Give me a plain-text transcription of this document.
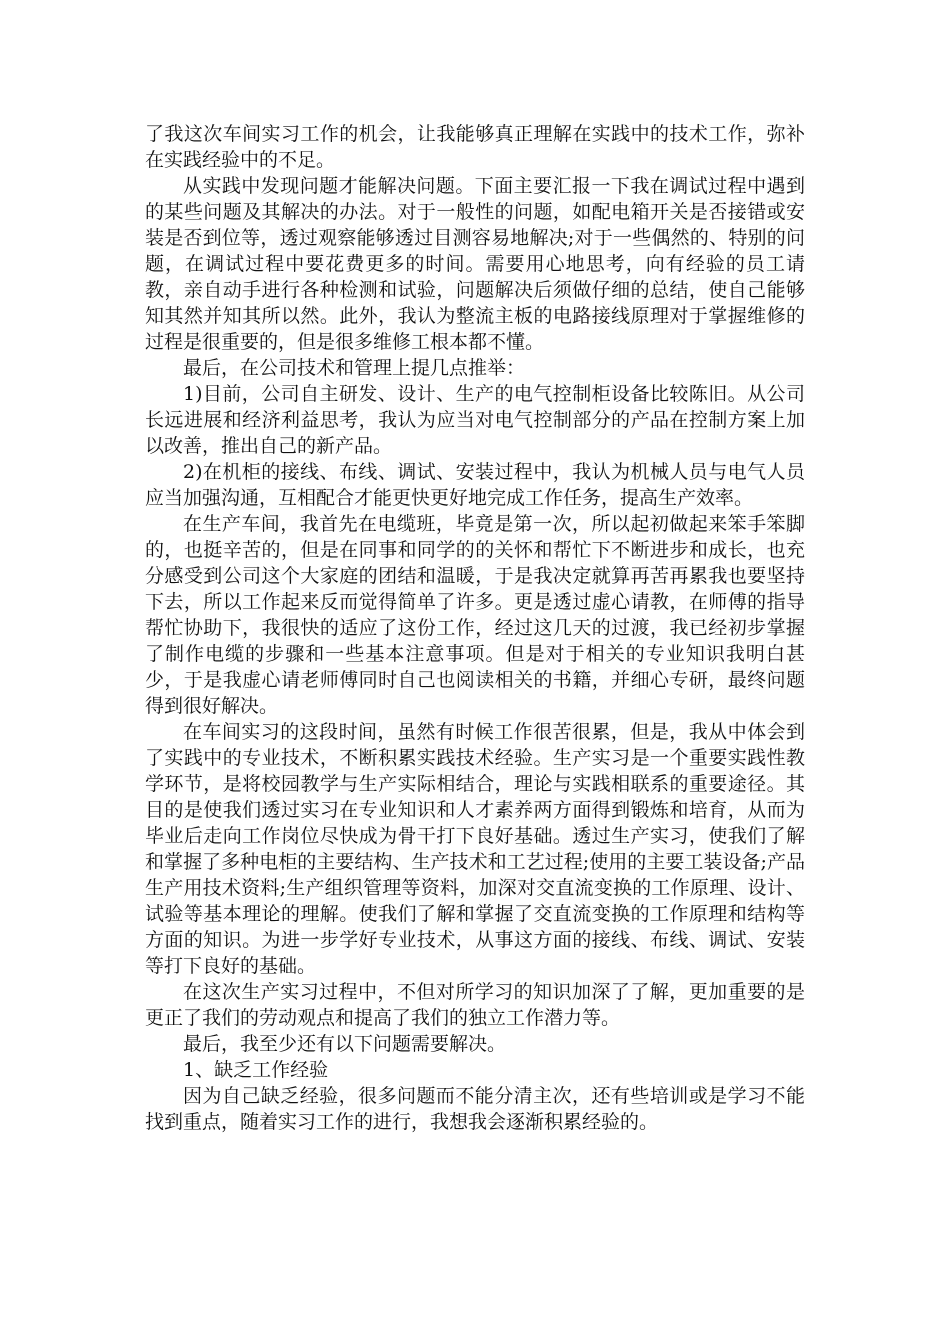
了我这次车间实习工作的机会，让我能够真正理解在实践中的技术工作，弥补在实践经验中的不足。

从实践中发现问题才能解决问题。下面主要汇报一下我在调试过程中遇到的某些问题及其解决的办法。对于一般性的问题，如配电箱开关是否接错或安装是否到位等，透过观察能够透过目测容易地解决;对于一些偶然的、特别的问题，在调试过程中要花费更多的时间。需要用心地思考，向有经验的员工请教，亲自动手进行各种检测和试验，问题解决后须做仔细的总结，使自己能够知其然并知其所以然。此外，我认为整流主板的电路接线原理对于掌握维修的过程是很重要的，但是很多维修工根本都不懂。

最后，在公司技术和管理上提几点推举：

1)目前，公司自主研发、设计、生产的电气控制柜设备比较陈旧。从公司长远进展和经济利益思考，我认为应当对电气控制部分的产品在控制方案上加以改善，推出自己的新产品。

2)在机柜的接线、布线、调试、安装过程中，我认为机械人员与电气人员应当加强沟通，互相配合才能更快更好地完成工作任务，提高生产效率。

在生产车间，我首先在电缆班，毕竟是第一次，所以起初做起来笨手笨脚的，也挺辛苦的，但是在同事和同学的的关怀和帮忙下不断进步和成长，也充分感受到公司这个大家庭的团结和温暖，于是我决定就算再苦再累我也要坚持下去，所以工作起来反而觉得简单了许多。更是透过虚心请教，在师傅的指导帮忙协助下，我很快的适应了这份工作，经过这几天的过渡，我已经初步掌握了制作电缆的步骤和一些基本注意事项。但是对于相关的专业知识我明白甚少，于是我虚心请老师傅同时自己也阅读相关的书籍，并细心专研，最终问题得到很好解决。

在车间实习的这段时间，虽然有时候工作很苦很累，但是，我从中体会到了实践中的专业技术，不断积累实践技术经验。生产实习是一个重要实践性教学环节，是将校园教学与生产实际相结合，理论与实践相联系的重要途径。其目的是使我们透过实习在专业知识和人才素养两方面得到锻炼和培育，从而为毕业后走向工作岗位尽快成为骨干打下良好基础。透过生产实习，使我们了解和掌握了多种电柜的主要结构、生产技术和工艺过程;使用的主要工装设备;产品生产用技术资料;生产组织管理等资料，加深对交直流变换的工作原理、设计、试验等基本理论的理解。使我们了解和掌握了交直流变换的工作原理和结构等方面的知识。为进一步学好专业技术，从事这方面的接线、布线、调试、安装等打下良好的基础。

在这次生产实习过程中，不但对所学习的知识加深了了解，更加重要的是更正了我们的劳动观点和提高了我们的独立工作潜力等。

最后，我至少还有以下问题需要解决。

1、缺乏工作经验

因为自己缺乏经验，很多问题而不能分清主次，还有些培训或是学习不能找到重点，随着实习工作的进行，我想我会逐渐积累经验的。
